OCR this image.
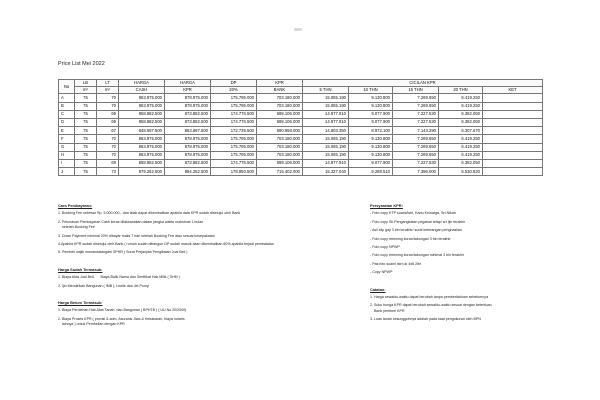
Price List Mei 2022
No	LB	LT	HARGA	HARGA	DP	KPR	CICILAN KPR				
	m²	m²	CASH	KPR	20%	BANK	5 THN	10 THN	15 THN	20 THN	KET
A	75	70	863.975.000	878.975.000	175.795.000	703.180.000	15.065.190	9.130.800	7.269.650	6.419.250	
B	75	70	863.975.000	878.975.000	175.795.000	703.180.000	15.065.190	9.130.800	7.269.650	6.419.250	
C	75	69	858.882.500	873.882.500	174.776.500	699.106.000	14.977.910	9.077.900	7.227.530	6.382.050	
D	75	69	858.882.500	873.882.500	174.776.500	699.106.000	14.977.910	9.077.900	7.227.530	6.382.050	
E	75	67	848.697.500	863.697.500	172.739.500	690.958.000	14.803.350	8.972.100	7.143.290	6.307.670	
F	75	70	863.975.000	878.975.000	175.795.000	703.180.000	15.065.190	9.130.800	7.269.650	6.419.250	
G	75	70	863.975.000	878.975.000	175.795.000	703.180.000	15.065.190	9.130.800	7.269.650	6.419.250	
H	75	70	863.975.000	878.975.000	175.795.000	703.180.000	15.065.190	9.130.800	7.269.650	6.419.250	
I	75	69	858.882.500	873.882.500	174.776.500	699.106.000	14.977.910	9.077.900	7.227.530	6.382.050	
J	75	73	879.252.500	894.252.500	178.850.500	715.402.000	15.327.040	9.289.510	7.396.000	6.530.820	
Cara Pembayaran:
1. Booking Fee sebesar Rp. 5.000.000,- dan tidak dapat dikembalikan apabila data KPR sudah disetujui oleh Bank
2. Pelunasan Pembayaran Cash keras dilaksanakan dalam jangka waktu maksimal 1 bulan
setelah Booking Fee
3. Down Payment minimal 20% dibayar maks 7 hari setelah Booking Fee atau sesuai kesepakatan
4.Apabila KPR sudah disetujui oleh Bank ( rumah sudah dibangun DP sudah masuk akan dikembalikan 80% apabila terjadi pembatalan
5. Pembeli wajib menandatangani SPHR ( Surat Perjanjian Pengikatan Jual Beli )
Harga Sudah Termasuk:
1. Biaya Akta Jual Beli,      Biaya Balik Nama dan Sertifikat Hak Milik ( SHM )
2. Ijin Mendirikan Bangunan ( IMB ), Listrik dan Jet Pump
Harga Belum Termasuk:
1. Biaya Perolehan Hak Atas Tanah  dan Bangunan ( BPHTB ) ( UU No 20/2000)
2. Biaya Proses KPR ( provisi & adm, Asuransi Jiwa & Kebakaran, biaya notaris
lainnya ) untuk Pembelian dengan KPR
Persyaratan KPR:
- Foto copy KTP suami/istri, Kartu Keluarga, Srt Nikah
- Foto copy Sk Pengangkatan pegawai tetap/ srt Ijin terakhir
- Asli slip gaji 3 bln terakhir/ surat keterangan penghasilan
- Foto copy rekening koran/tabungan 3 bln terakhir
- Foto copy NPWP
- Foto copy rekening koran/tabungan minimal 3 bln terakhir
- Pas foto suami istri uk 4x6 2lbr
- Copy NPWP
Catatan:
1. Harga sewaktu-waktu dapat berubah tanpa pemberitahuan sebelumnya
2. Suku bunga KPR dapat berubah sewaktu-waktu sesuai dengan ketentuan
Bank pemberi KPR
3. Luas tanah sesungguhnya adalah pada saat pengukuran oleh BPN
